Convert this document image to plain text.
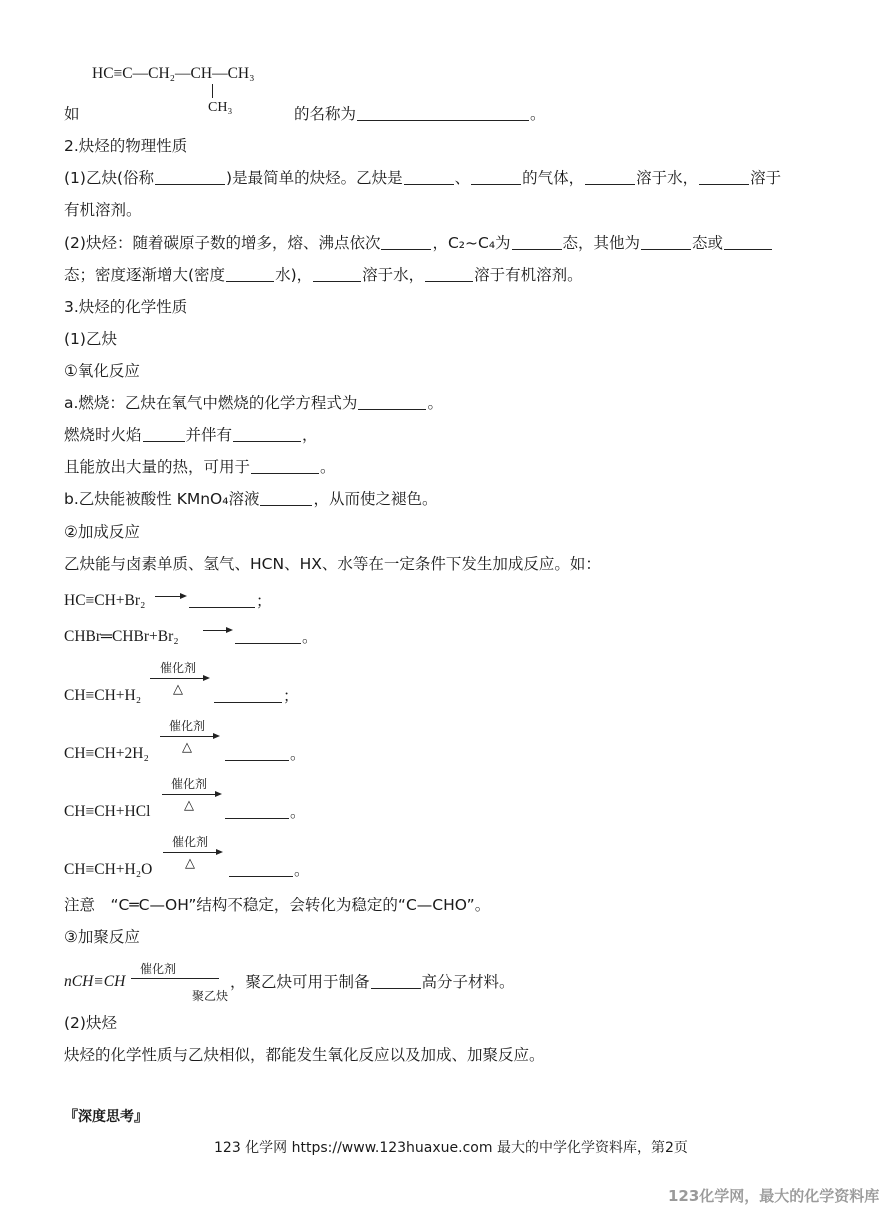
HC≡C—CH₂—CH—CH₃
CH₃
如	的名称为	。
2.炔烃的物理性质
(1)乙炔(俗称	)是最简单的炔烃。乙炔是	、	的气体，	溶于水，	溶于
有机溶剂。
(2)炔烃：随着碳原子数的增多，熔、沸点依次	，C₂~C₄为	态，其他为	态或
态；密度逐渐增大(密度	水)，	溶于水，	溶于有机溶剂。
3.炔烃的化学性质
(1)乙炔
①氧化反应
a.燃烧：乙炔在氧气中燃烧的化学方程式为	。
燃烧时火焰	并伴有	，
且能放出大量的热，可用于	。
b.乙炔能被酸性 KMnO₄溶液	，从而使之褪色。
②加成反应
乙炔能与卤素单质、氢气、HCN、HX、水等在一定条件下发生加成反应。如：
HC≡CH+Br₂	；
CHBr═CHBr+Br₂	。
催化剂
△
CH≡CH+H₂	；
催化剂
△
CH≡CH+2H₂	。
催化剂
△
CH≡CH+HCl	。
催化剂
△
CH≡CH+H₂O	。
注意　“C═C—OH”结构不稳定，会转化为稳定的“C—CHO”。
③加聚反应
催化剂
聚乙炔
nCH≡CH	，聚乙炔可用于制备	高分子材料。
(2)炔烃
炔烃的化学性质与乙炔相似，都能发生氧化反应以及加成、加聚反应。
『深度思考』
123 化学网 https://www.123huaxue.com 最大的中学化学资料库，第2页
123化学网，最大的化学资料库
